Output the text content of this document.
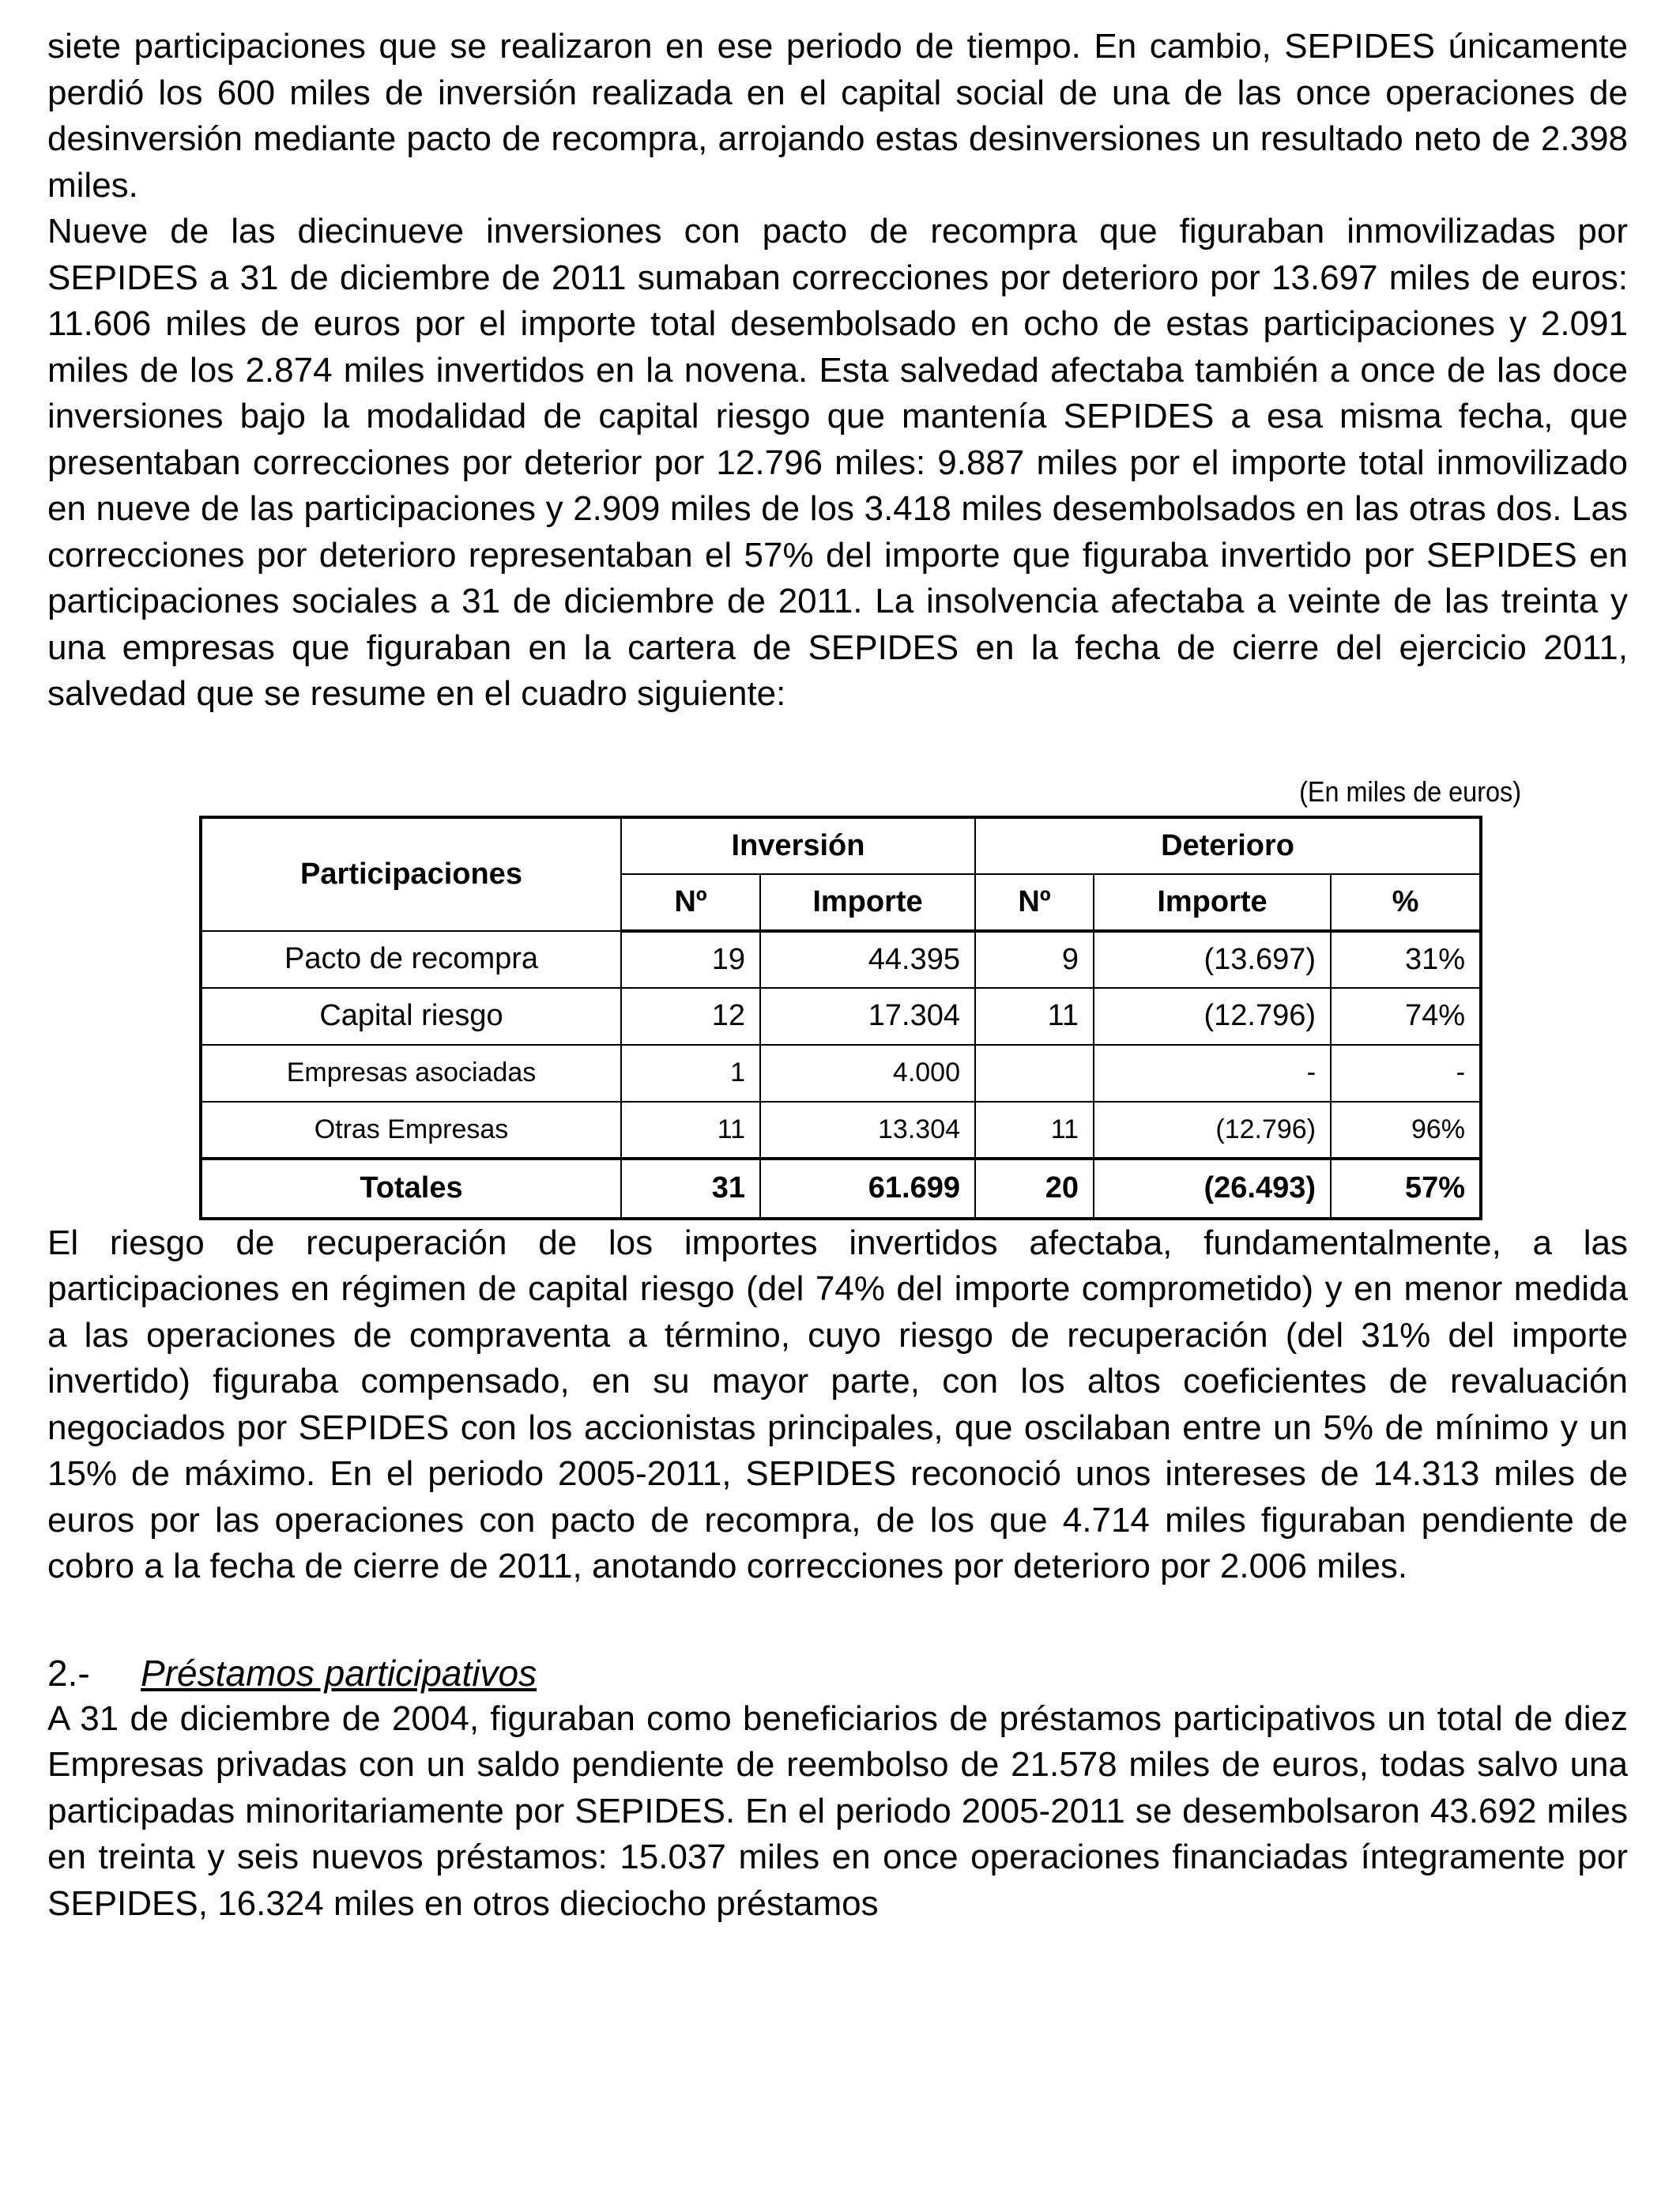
siete participaciones que se realizaron en ese periodo de tiempo. En cambio, SEPIDES únicamente perdió los 600 miles de inversión realizada en el capital social de una de las once operaciones de desinversión mediante pacto de recompra, arrojando estas desinversiones un resultado neto de 2.398 miles.

Nueve de las diecinueve inversiones con pacto de recompra que figuraban inmovilizadas por SEPIDES a 31 de diciembre de 2011 sumaban correcciones por deterioro por 13.697 miles de euros: 11.606 miles de euros por el importe total desembolsado en ocho de estas participaciones y 2.091 miles de los 2.874 miles invertidos en la novena. Esta salvedad afectaba también a once de las doce inversiones bajo la modalidad de capital riesgo que mantenía SEPIDES a esa misma fecha, que presentaban correcciones por deterior por 12.796 miles: 9.887 miles por el importe total inmovilizado en nueve de las participaciones y 2.909 miles de los 3.418 miles desembolsados en las otras dos. Las correcciones por deterioro representaban el 57% del importe que figuraba invertido por SEPIDES en participaciones sociales a 31 de diciembre de 2011. La insolvencia afectaba a veinte de las treinta y una empresas que figuraban en la cartera de SEPIDES en la fecha de cierre del ejercicio 2011, salvedad que se resume en el cuadro siguiente:

(En miles de euros)
Participaciones	Inversión		Deterioro		
	Nº	Importe	Nº	Importe	%
Pacto de recompra	19	44.395	9	(13.697)	31%
Capital riesgo	12	17.304	11	(12.796)	74%
Empresas asociadas	1	4.000		-	-
Otras Empresas	11	13.304	11	(12.796)	96%
Totales	31	61.699	20	(26.493)	57%

El riesgo de recuperación de los importes invertidos afectaba, fundamentalmente, a las participaciones en régimen de capital riesgo (del 74% del importe comprometido) y en menor medida a las operaciones de compraventa a término, cuyo riesgo de recuperación (del 31% del importe invertido) figuraba compensado, en su mayor parte, con los altos coeficientes de revaluación negociados por SEPIDES con los accionistas principales, que oscilaban entre un 5% de mínimo y un 15% de máximo. En el periodo 2005-2011, SEPIDES reconoció unos intereses de 14.313 miles de euros por las operaciones con pacto de recompra, de los que 4.714 miles figuraban pendiente de cobro a la fecha de cierre de 2011, anotando correcciones por deterioro por 2.006 miles.

2.-	Préstamos participativos

A 31 de diciembre de 2004, figuraban como beneficiarios de préstamos participativos un total de diez Empresas privadas con un saldo pendiente de reembolso de 21.578 miles de euros, todas salvo una participadas minoritariamente por SEPIDES. En el periodo 2005-2011 se desembolsaron 43.692 miles en treinta y seis nuevos préstamos: 15.037 miles en once operaciones financiadas íntegramente por SEPIDES, 16.324 miles en otros dieciocho préstamos
